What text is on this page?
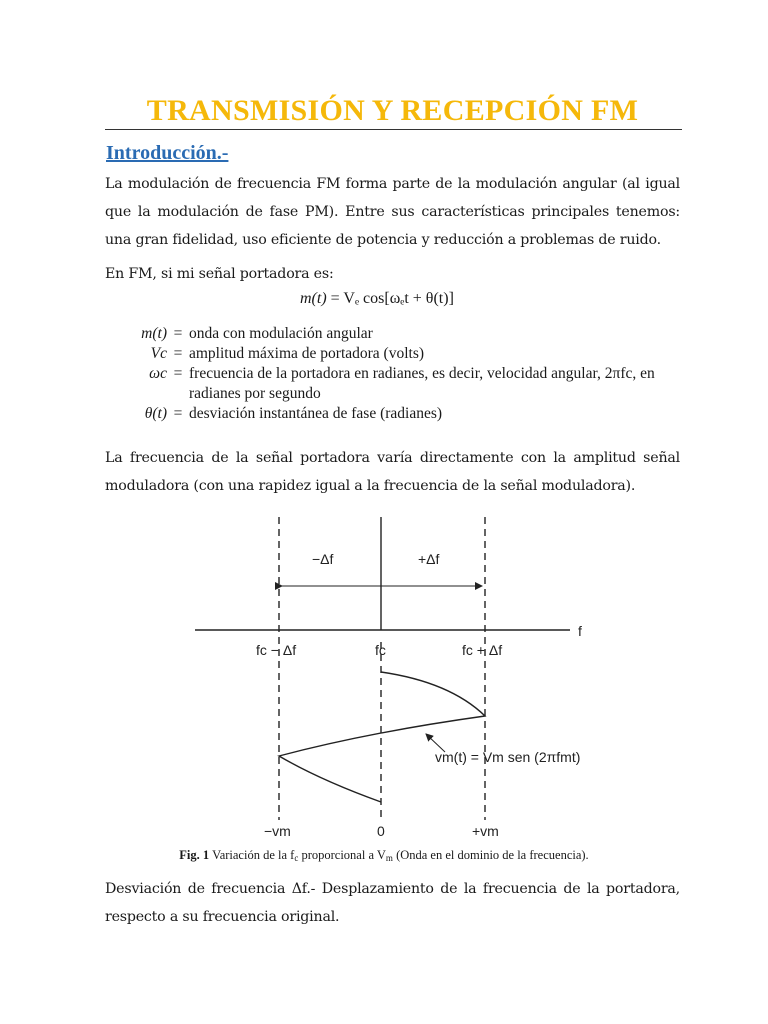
TRANSMISIÓN Y RECEPCIÓN FM
Introducción.-
La modulación de frecuencia FM forma parte de la modulación angular (al igual que la modulación de fase PM). Entre sus características principales tenemos: una gran fidelidad, uso eficiente de potencia y reducción a problemas de ruido.
En FM, si mi señal portadora es:
m(t) = Vₑ cos[ωₑt + θ(t)]
m(t) = onda con modulación angular
Vc = amplitud máxima de portadora (volts)
ωc = frecuencia de la portadora en radianes, es decir, velocidad angular, 2πfc, en
radianes por segundo
θ(t) = desviación instantánea de fase (radianes)
La frecuencia de la señal portadora varía directamente con la amplitud señal moduladora (con una rapidez igual a la frecuencia de la señal moduladora).
−Δf	+Δf
f
fc − Δf	fc	fc + Δf
vm(t) = Vm sen (2πfmt)
−vm	0	+vm
Fig. 1 Variación de la $f_c$ proporcional a $V_m$ (Onda en el dominio de la frecuencia).
Desviación de frecuencia Δf.- Desplazamiento de la frecuencia de la portadora, respecto a su frecuencia original.
